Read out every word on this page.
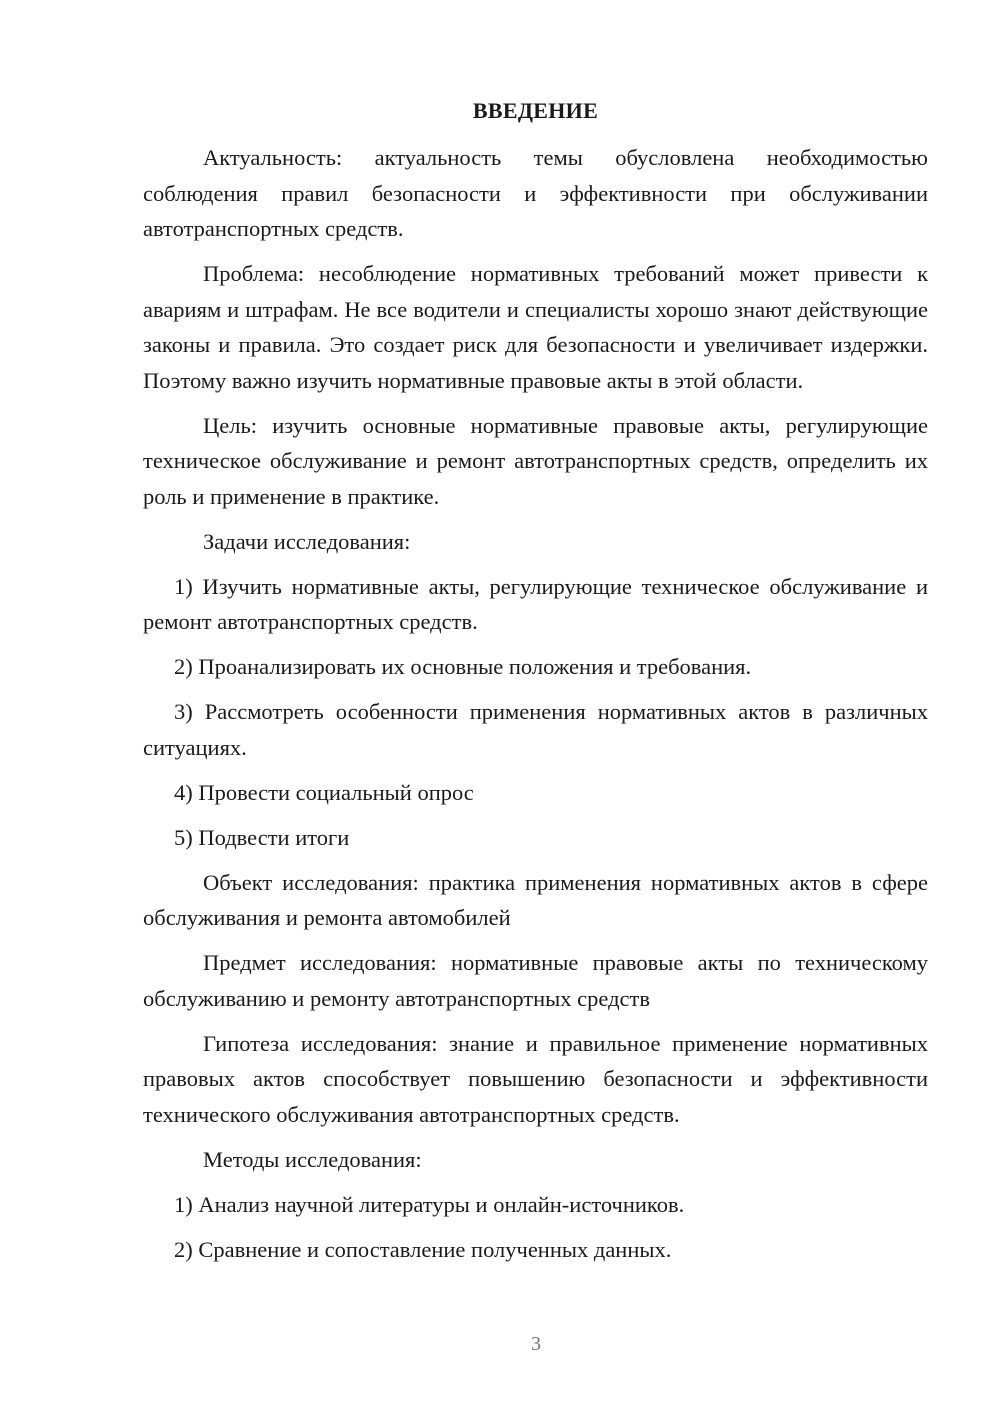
ВВЕДЕНИЕ

Актуальность: актуальность темы обусловлена необходимостью соблюдения правил безопасности и эффективности при обслуживании автотранспортных средств.

Проблема: несоблюдение нормативных требований может привести к авариям и штрафам. Не все водители и специалисты хорошо знают действующие законы и правила. Это создает риск для безопасности и увеличивает издержки. Поэтому важно изучить нормативные правовые акты в этой области.

Цель: изучить основные нормативные правовые акты, регулирующие техническое обслуживание и ремонт автотранспортных средств, определить их роль и применение в практике.

Задачи исследования:

1) Изучить нормативные акты, регулирующие техническое обслуживание и ремонт автотранспортных средств.

2) Проанализировать их основные положения и требования.

3) Рассмотреть особенности применения нормативных актов в различных ситуациях.

4) Провести социальный опрос

5) Подвести итоги

Объект исследования: практика применения нормативных актов в сфере обслуживания и ремонта автомобилей

Предмет исследования: нормативные правовые акты по техническому обслуживанию и ремонту автотранспортных средств

Гипотеза исследования: знание и правильное применение нормативных правовых актов способствует повышению безопасности и эффективности технического обслуживания автотранспортных средств.

Методы исследования:

1) Анализ научной литературы и онлайн-источников.

2) Сравнение и сопоставление полученных данных.

3
